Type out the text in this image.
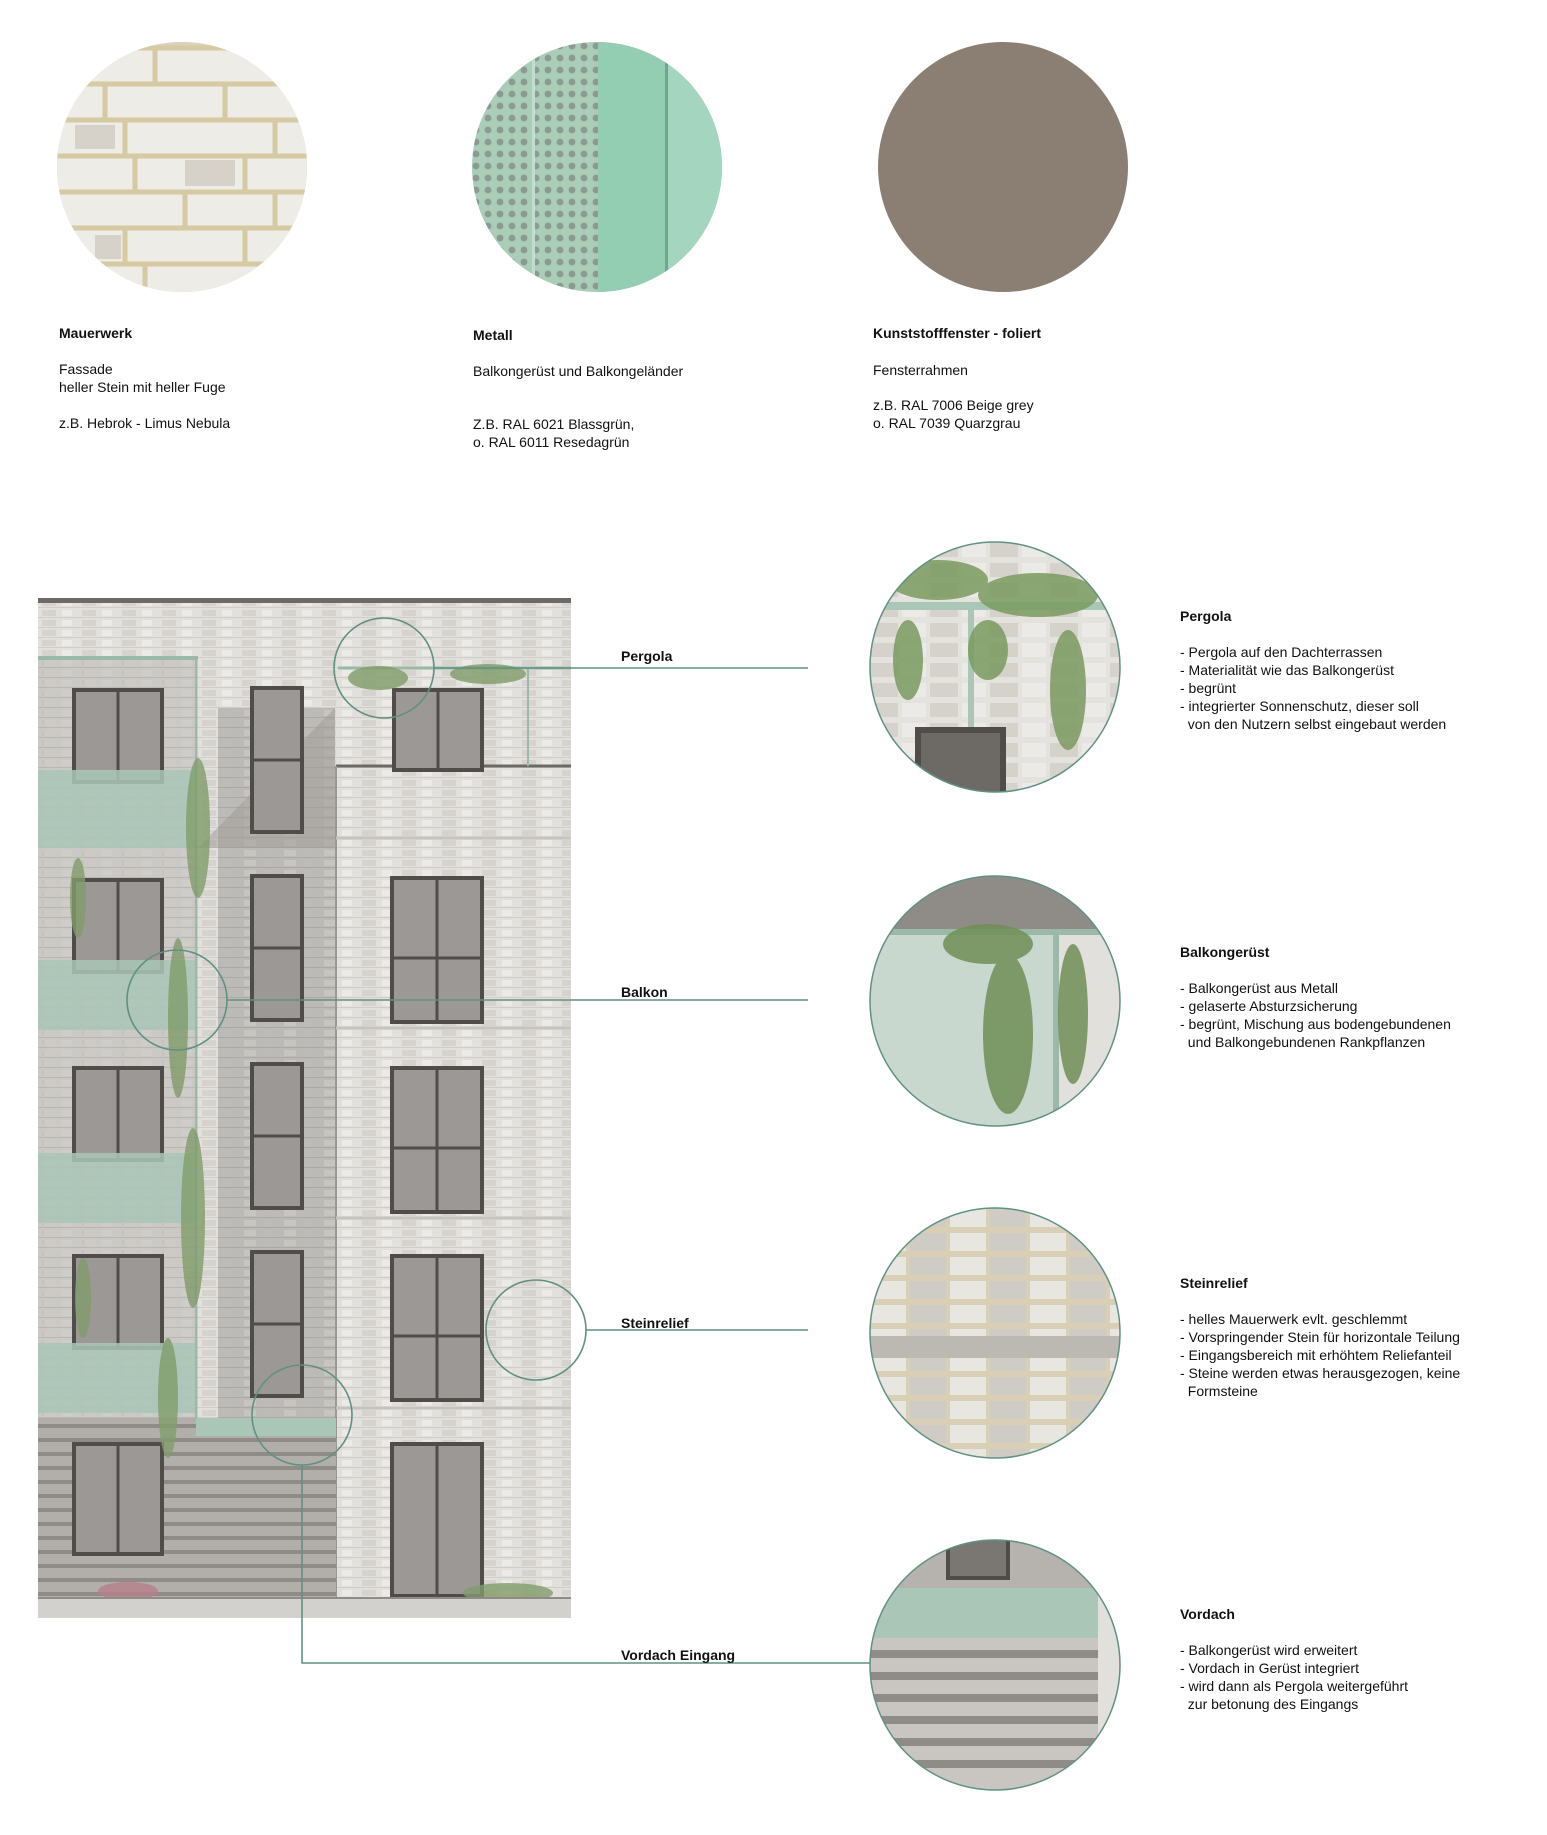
Mauerwerk
Fassade
heller Stein mit heller Fuge
z.B. Hebrok - Limus Nebula
Metall
Balkongerüst und Balkongeländer
Z.B. RAL 6021 Blassgrün,
o. RAL 6011 Resedagrün
Kunststofffenster - foliert
Fensterrahmen
z.B. RAL 7006 Beige grey
o. RAL 7039 Quarzgrau
Pergola
Balkon
Steinrelief
Vordach Eingang
Pergola
- Pergola auf den Dachterrassen
- Materialität wie das Balkongerüst
- begrünt
- integrierter Sonnenschutz, dieser soll
von den Nutzern selbst eingebaut werden
Balkongerüst
- Balkongerüst aus Metall
- gelaserte Absturzsicherung
- begrünt, Mischung aus bodengebundenen
und Balkongebundenen Rankpflanzen
Steinrelief
- helles Mauerwerk evlt. geschlemmt
- Vorspringender Stein für horizontale Teilung
- Eingangsbereich mit erhöhtem Reliefanteil
- Steine werden etwas herausgezogen, keine
Formsteine
Vordach
- Balkongerüst wird erweitert
- Vordach in Gerüst integriert
- wird dann als Pergola weitergeführt
zur betonung des Eingangs
